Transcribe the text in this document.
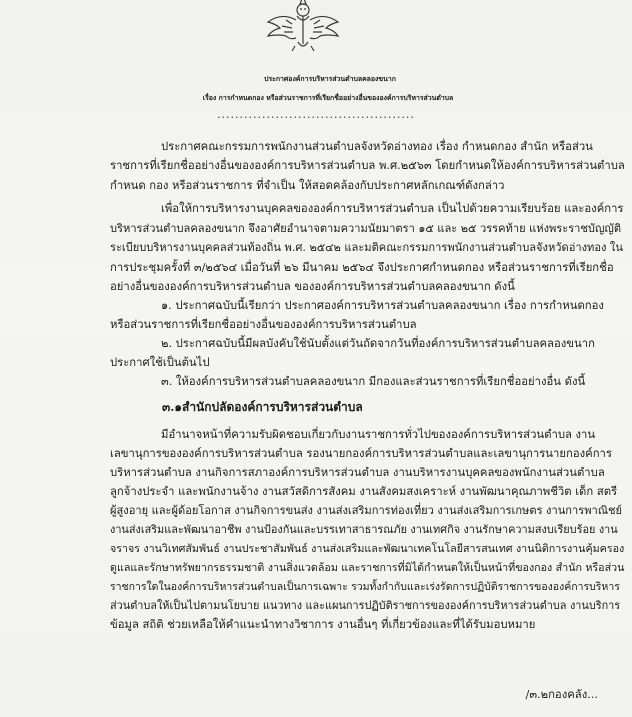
ประกาศองค์การบริหารส่วนตำบลคลองขนาก
เรื่อง การกำหนดกอง หรือส่วนราชการที่เรียกชื่ออย่างอื่นขององค์การบริหารส่วนตำบล
............................................
ประกาศคณะกรรมการพนักงานส่วนตำบลจังหวัดอ่างทอง เรื่อง กำหนดกอง สำนัก หรือส่วน
ราชการที่เรียกชื่ออย่างอื่นขององค์การบริหารส่วนตำบล พ.ศ.๒๕๖๓ โดยกำหนดให้องค์การบริหารส่วนตำบล
กำหนด กอง หรือส่วนราชการ ที่จำเป็น ให้สอดคล้องกับประกาศหลักเกณฑ์ดังกล่าว
เพื่อให้การบริหารงานบุคคลขององค์การบริหารส่วนตำบล เป็นไปด้วยความเรียบร้อย และองค์การ
บริหารส่วนตำบลคลองขนาก จึงอาศัยอำนาจตามความนัยมาตรา ๑๕ และ ๒๕ วรรคท้าย แห่งพระราชบัญญัติ
ระเบียบบริหารงานบุคคลส่วนท้องถิ่น พ.ศ. ๒๕๔๒ และมติคณะกรรมการพนักงานส่วนตำบลจังหวัดอ่างทอง ใน
การประชุมครั้งที่ ๓/๒๕๖๔ เมื่อวันที่ ๒๖ มีนาคม ๒๕๖๔ จึงประกาศกำหนดกอง หรือส่วนราชการที่เรียกชื่อ
อย่างอื่นขององค์การบริหารส่วนตำบล ขององค์การบริหารส่วนตำบลคลองขนาก ดังนี้
๑. ประกาศฉบับนี้เรียกว่า ประกาศองค์การบริหารส่วนตำบลคลองขนาก เรื่อง การกำหนดกอง
หรือส่วนราชการที่เรียกชื่ออย่างอื่นขององค์การบริหารส่วนตำบล
๒. ประกาศฉบับนี้มีผลบังคับใช้นับตั้งแต่วันถัดจากวันที่องค์การบริหารส่วนตำบลคลองขนาก
ประกาศใช้เป็นต้นไป
๓. ให้องค์การบริหารส่วนตำบลคลองขนาก มีกองและส่วนราชการที่เรียกชื่ออย่างอื่น ดังนี้
๓.๑สำนักปลัดองค์การบริหารส่วนตำบล
มีอำนาจหน้าที่ความรับผิดชอบเกี่ยวกับงานราชการทั่วไปขององค์การบริหารส่วนตำบล งาน
เลขานุการขององค์การบริหารส่วนตำบล รองนายกองค์การบริหารส่วนตำบลและเลขานุการนายกองค์การ
บริหารส่วนตำบล งานกิจการสภาองค์การบริหารส่วนตำบล งานบริหารงานบุคคลของพนักงานส่วนตำบล
ลูกจ้างประจำ และพนักงานจ้าง งานสวัสดิการสังคม งานสังคมสงเคราะห์ งานพัฒนาคุณภาพชีวิต เด็ก สตรี
ผู้สูงอายุ และผู้ด้อยโอกาส งานกิจการขนส่ง งานส่งเสริมการท่องเที่ยว งานส่งเสริมการเกษตร งานการพาณิชย์
งานส่งเสริมและพัฒนาอาชีพ งานป้องกันและบรรเทาสาธารณภัย งานเทศกิจ งานรักษาความสงบเรียบร้อย งาน
จราจร งานวิเทศสัมพันธ์ งานประชาสัมพันธ์ งานส่งเสริมและพัฒนาเทคโนโลยีสารสนเทศ งานนิติการงานคุ้มครอง
ดูแลและรักษาทรัพยากรธรรมชาติ งานสิ่งแวดล้อม และราชการที่มิได้กำหนดให้เป็นหน้าที่ของกอง สำนัก หรือส่วน
ราชการใดในองค์การบริหารส่วนตำบลเป็นการเฉพาะ รวมทั้งกำกับและเร่งรัดการปฏิบัติราชการขององค์การบริหาร
ส่วนตำบลให้เป็นไปตามนโยบาย แนวทาง และแผนการปฏิบัติราชการขององค์การบริหารส่วนตำบล งานบริการ
ข้อมูล สถิติ ช่วยเหลือให้คำแนะนำทางวิชาการ งานอื่นๆ ที่เกี่ยวข้องและที่ได้รับมอบหมาย
/๓.๒กองคลัง...
